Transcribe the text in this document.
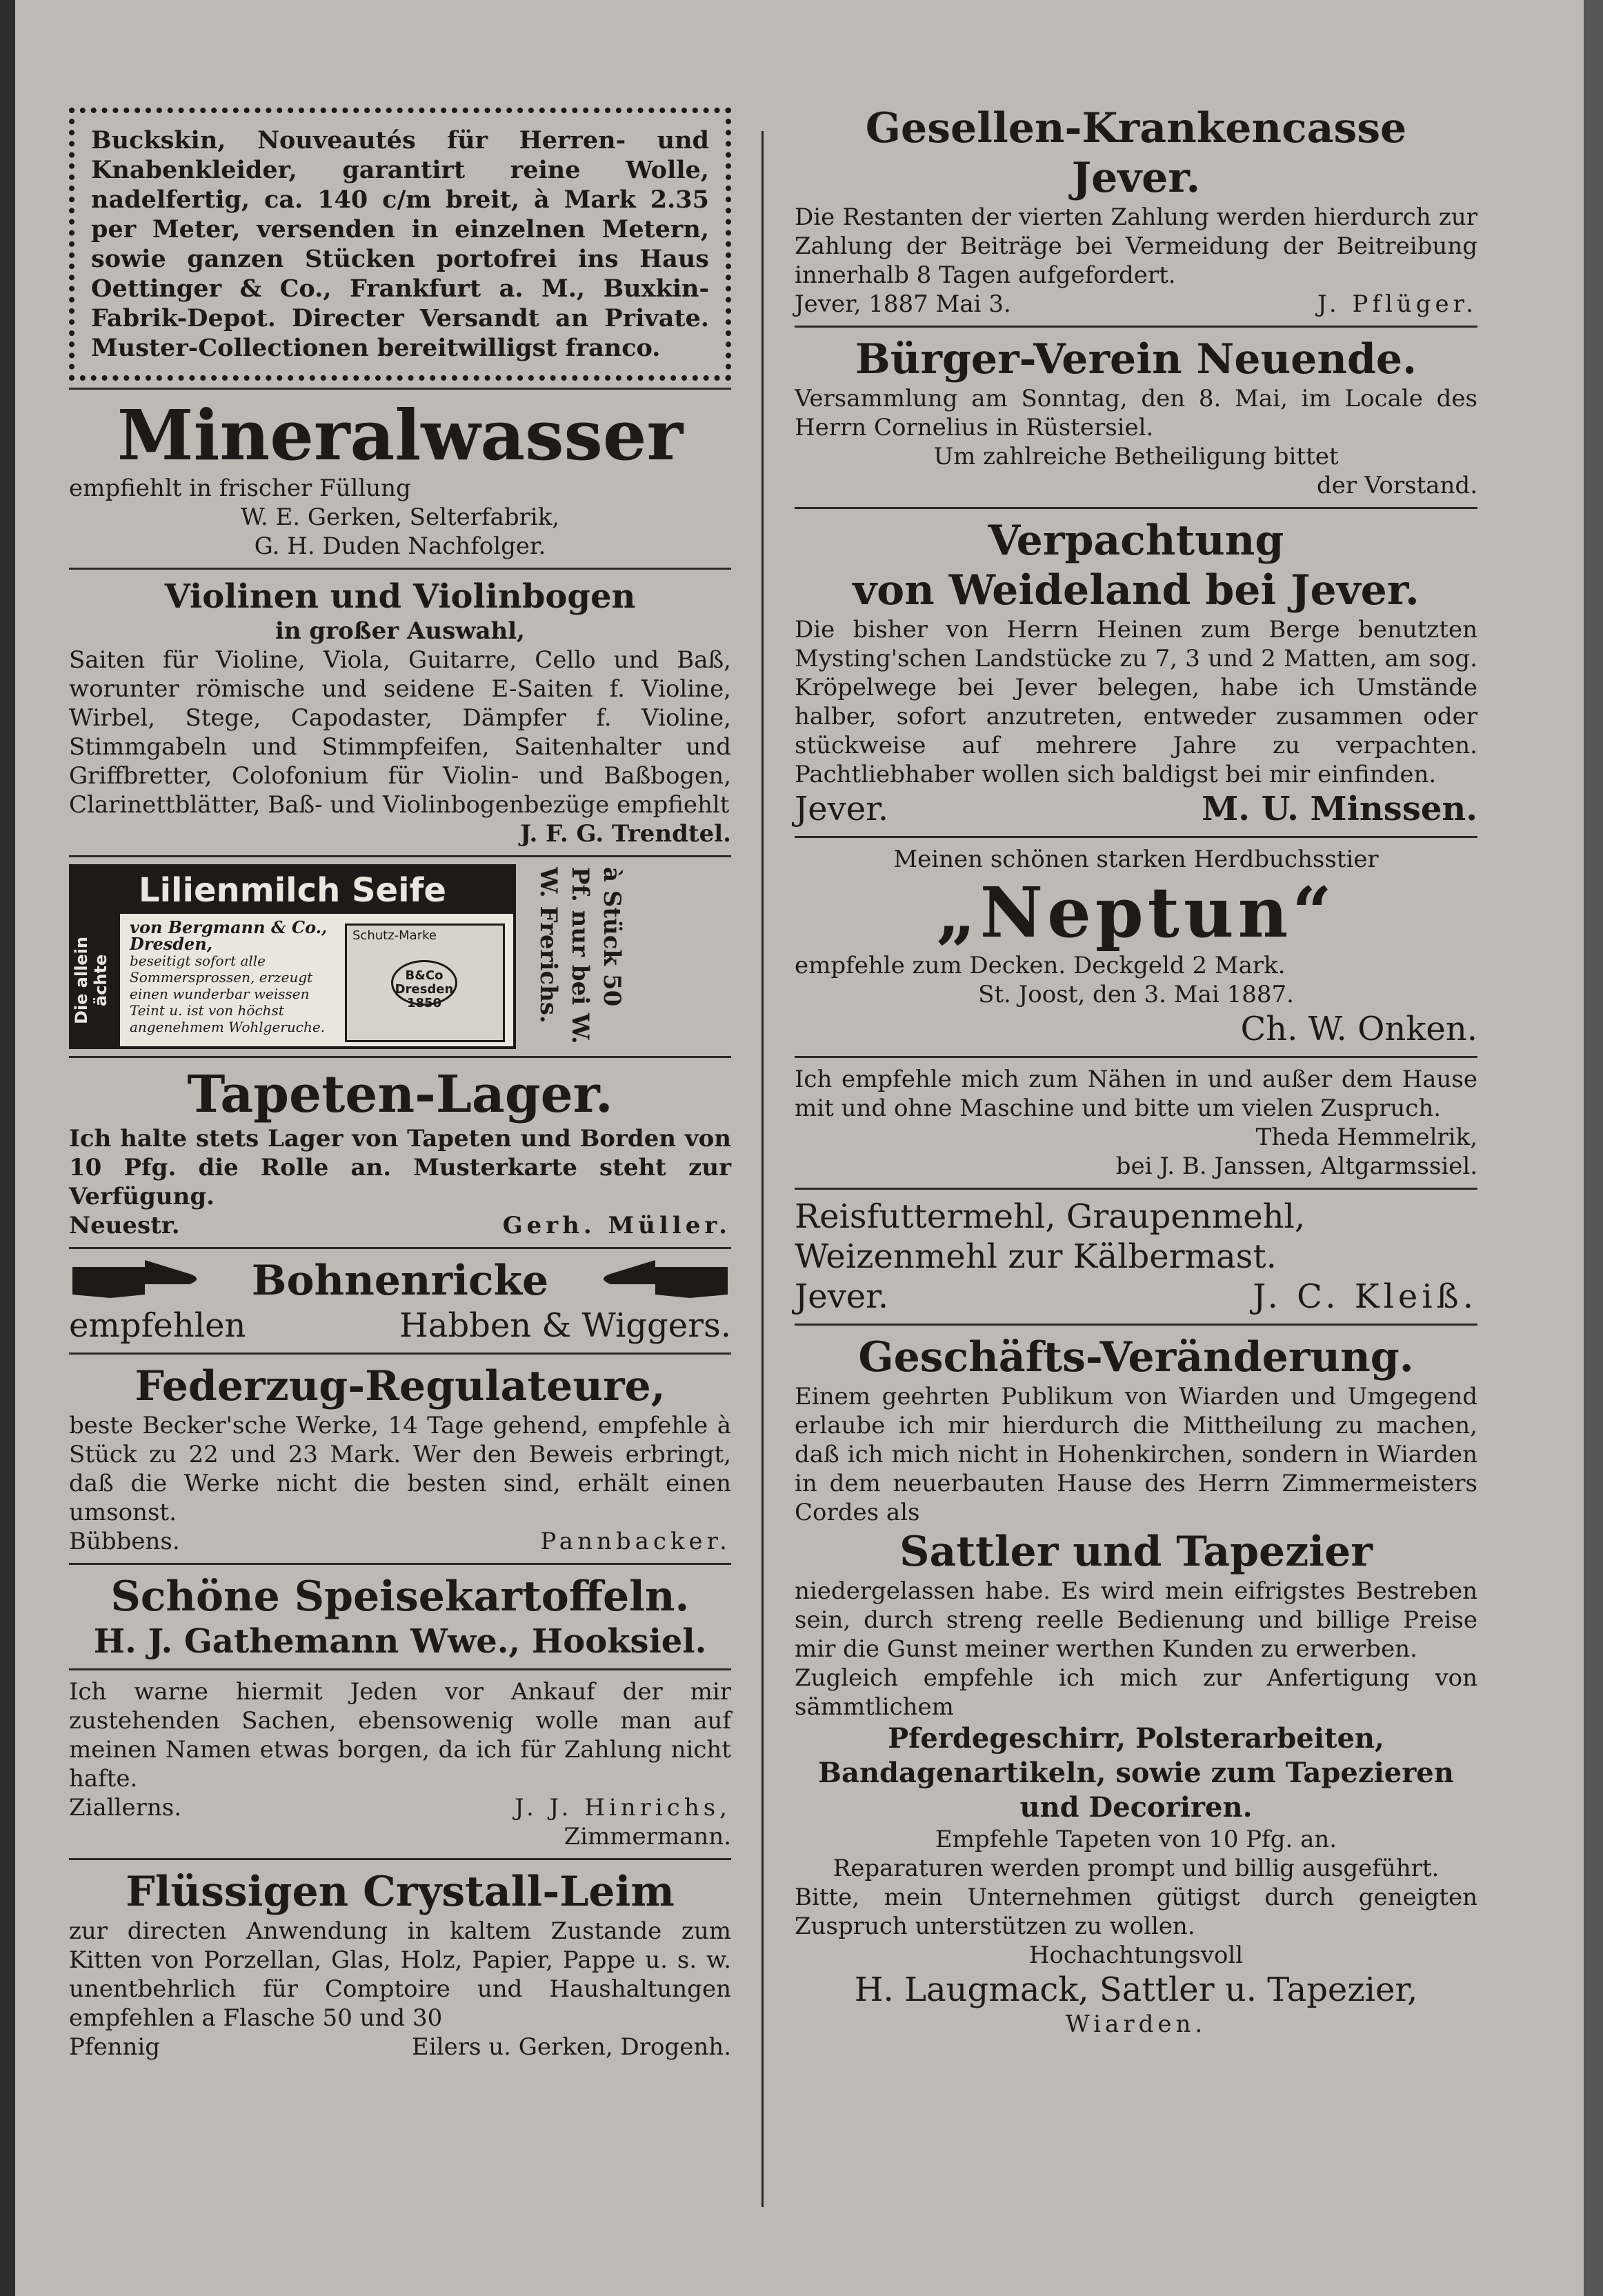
Buckskin, Nouveautés für Herren- und Knabenkleider, garantirt reine Wolle, nadelfertig, ca. 140 c/m breit, à Mark 2.35 per Meter, versenden in einzelnen Metern, sowie ganzen Stücken portofrei ins Haus Oettinger & Co., Frankfurt a. M., Buxkin-Fabrik-Depot. Directer Versandt an Private. Muster-Collectionen bereitwilligst franco.

Mineralwasser

empfiehlt in frischer Füllung

W. E. Gerken, Selterfabrik,

G. H. Duden Nachfolger.

Violinen und Violinbogen

in großer Auswahl,

Saiten für Violine, Viola, Guitarre, Cello und Baß, worunter römische und seidene E-Saiten f. Violine, Wirbel, Stege, Capodaster, Dämpfer f. Violine, Stimmgabeln und Stimmpfeifen, Saitenhalter und Griffbretter, Colofonium für Violin- und Baßbogen, Clarinettblätter, Baß- und Violinbogenbezüge empfiehlt

J. F. G. Trendtel.

Lilienmilch Seife
Die allein ächte
von Bergmann & Co., Dresden,
beseitigt sofort alle Sommersprossen, erzeugt einen wunderbar weissen Teint u. ist von höchst angenehmem Wohlgeruche.
Schutz-Marke
B&Co Dresden 1850	à Stück 50 Pf. nur bei W. W. Frerichs.

Tapeten-Lager.

Ich halte stets Lager von Tapeten und Borden von 10 Pfg. die Rolle an. Musterkarte steht zur Verfügung.

Neuestr.	Gerh. Müller.
Bohnenricke
empfehlen	Habben & Wiggers.

Federzug-Regulateure,

beste Becker'sche Werke, 14 Tage gehend, empfehle à Stück zu 22 und 23 Mark. Wer den Beweis erbringt, daß die Werke nicht die besten sind, erhält einen umsonst.

Bübbens.	Pannbacker.

Schöne Speisekartoffeln.

H. J. Gathemann Wwe., Hooksiel.

Ich warne hiermit Jeden vor Ankauf der mir zustehenden Sachen, ebensowenig wolle man auf meinen Namen etwas borgen, da ich für Zahlung nicht hafte.

Ziallerns.	J. J. Hinrichs,

Zimmermann.

Flüssigen Crystall-Leim

zur directen Anwendung in kaltem Zustande zum Kitten von Porzellan, Glas, Holz, Papier, Pappe u. s. w. unentbehrlich für Comptoire und Haushaltungen empfehlen a Flasche 50 und 30

Pfennig	Eilers u. Gerken, Drogenh.

Gesellen-Krankencasse Jever.

Die Restanten der vierten Zahlung werden hierdurch zur Zahlung der Beiträge bei Vermeidung der Beitreibung innerhalb 8 Tagen aufgefordert.

Jever, 1887 Mai 3.	J. Pflüger.

Bürger-Verein Neuende.

Versammlung am Sonntag, den 8. Mai, im Locale des Herrn Cornelius in Rüstersiel.

Um zahlreiche Betheiligung bittet

der Vorstand.

Verpachtung

von Weideland bei Jever.

Die bisher von Herrn Heinen zum Berge benutzten Mysting'schen Landstücke zu 7, 3 und 2 Matten, am sog. Kröpelwege bei Jever belegen, habe ich Umstände halber, sofort anzutreten, entweder zusammen oder stückweise auf mehrere Jahre zu verpachten. Pachtliebhaber wollen sich baldigst bei mir einfinden.

Jever.	M. U. Minssen.

Meinen schönen starken Herdbuchsstier

„Neptun“

empfehle zum Decken. Deckgeld 2 Mark.

St. Joost, den 3. Mai 1887.

Ch. W. Onken.

Ich empfehle mich zum Nähen in und außer dem Hause mit und ohne Maschine und bitte um vielen Zuspruch.

Theda Hemmelrik,

bei J. B. Janssen, Altgarmssiel.

Reisfuttermehl, Graupenmehl,

Weizenmehl zur Kälbermast.

Jever.	J. C. Kleiß.

Geschäfts-Veränderung.

Einem geehrten Publikum von Wiarden und Umgegend erlaube ich mir hierdurch die Mittheilung zu machen, daß ich mich nicht in Hohenkirchen, sondern in Wiarden in dem neuerbauten Hause des Herrn Zimmermeisters Cordes als

Sattler und Tapezier

niedergelassen habe. Es wird mein eifrigstes Bestreben sein, durch streng reelle Bedienung und billige Preise mir die Gunst meiner werthen Kunden zu erwerben.

Zugleich empfehle ich mich zur Anfertigung von sämmtlichem

Pferdegeschirr, Polsterarbeiten,

Bandagenartikeln, sowie zum Tapezieren

und Decoriren.

Empfehle Tapeten von 10 Pfg. an.

Reparaturen werden prompt und billig ausgeführt.

Bitte, mein Unternehmen gütigst durch geneigten Zuspruch unterstützen zu wollen.

Hochachtungsvoll

H. Laugmack, Sattler u. Tapezier,

Wiarden.
